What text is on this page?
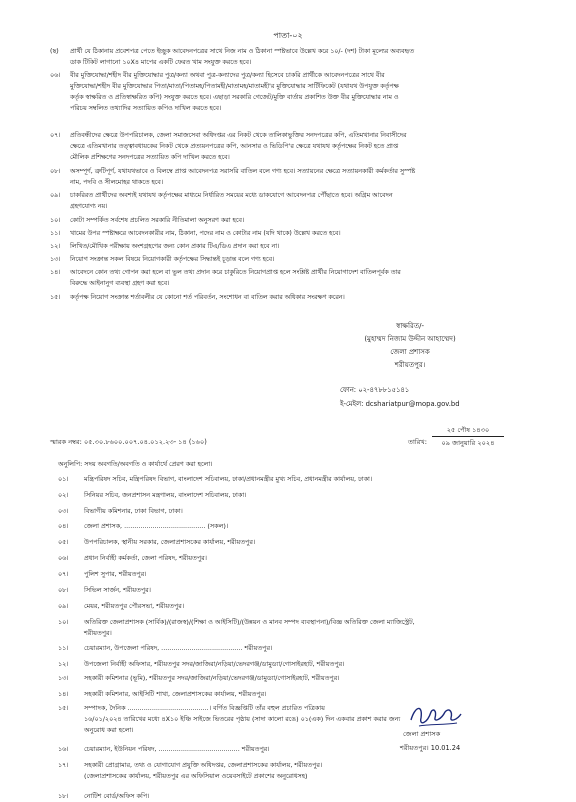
পাতা-০২
(ছ) প্রার্থী যে ঠিকানায় প্রবেশপত্র পেতে ইচ্ছুক আবেদনপত্রের সাথে নিজ নাম ও ঠিকানা স্পষ্টভাবে উল্লেখ করে ১০/- (দশ) টাকা মূল্যের অব্যবহৃত
ডাক টিকিট লাগানো ১০X৪ মাপের একটি ফেরত খাম সংযুক্ত করতে হবে।
০৬। বীর মুক্তিযোদ্ধা/শহীদ বীর মুক্তিযোদ্ধার পুত্র/কন্যা অথবা পুত্র-কন্যাদের পুত্র/কন্যা হিসেবে চাকরি প্রার্থীকে আবেদনপত্রের সাথে বীর
মুক্তিযোদ্ধা/শহীদ বীর মুক্তিযোদ্ধার পিতা/মাতা/পিতামহ/পিতামহী/মাতামহ/মাতামহী'র মুক্তিযোদ্ধার সার্টিফিকেট (যথাযথ উপযুক্ত কর্তৃপক্ষ
কর্তৃক স্বাক্ষরিত ও প্রতিস্বাক্ষরিত কপি) সংযুক্ত করতে হবে। এছাড়া সরকারি গেজেট/মুক্তি বার্তায় প্রকাশিত উক্ত বীর মুক্তিযোদ্ধার নাম ও
পরিচয় সম্বলিত তথ্যাদির সত্যায়িত কপিও দাখিল করতে হবে।
০৭। প্রতিবন্ধীদের ক্ষেত্রে উপপরিচালক, জেলা সমাজসেবা অধিদপ্তর এর নিকট থেকে তালিকাভুক্তির সনদপত্রের কপি, এতিমখানার নিবাসীদের
ক্ষেত্রে এতিমখানার তত্ত্বাবধায়কের নিকট থেকে প্রত্যয়নপত্রের কপি, আনসার ও ভিডিপি'র ক্ষেত্রে যথাযথ কর্তৃপক্ষের নিকট হতে প্রাপ্ত
মৌলিক প্রশিক্ষণের সনদপত্রের সত্যায়িত কপি দাখিল করতে হবে।
০৮। অসম্পূর্ণ, ত্রুটিপূর্ণ, যথাযথভাবে ও বিলম্বে প্রাপ্ত আবেদনপত্র সরাসরি বাতিল বলে গণ্য হবে। সত্যায়নের ক্ষেত্রে সত্যায়নকারী কর্মকর্তার সুস্পষ্ট
নাম, পদবি ও সীলমোহর থাকতে হবে।
০৯। চাকরিরত প্রার্থীদের অবশ্যই যথাযথ কর্তৃপক্ষের মাধ্যমে নির্ধারিত সময়ের মধ্যে ডাকযোগে আবেদনপত্র পৌঁছাতে হবে। অগ্রিম আবেদন
গ্রহণযোগ্য নয়।
১০। কোটা সম্পর্কিত সর্বশেষ প্রচলিত সরকারি নীতিমালা অনুসরণ করা হবে।
১১। খামের উপর স্পষ্টাক্ষরে আবেদনকারীর নাম, ঠিকানা, পদের নাম ও কোটার নাম (যদি থাকে) উল্লেখ করতে হবে।
১২। লিখিত/মৌখিক পরীক্ষায় অংশগ্রহণের জন্য কোন প্রকার টিএ/ডিএ প্রদান করা হবে না।
১৩। নিয়োগ সংক্রান্ত সকল বিষয়ে নিয়োগকারী কর্তৃপক্ষের সিদ্ধান্তই চূড়ান্ত বলে গণ্য হবে।
১৪। আবেদনে কোন তথ্য গোপন করা হলে বা ভুল তথ্য প্রদান করে চাকুরিতে নিয়োগপ্রাপ্ত হলে সংশ্লিষ্ট প্রার্থীর নিয়োগাদেশ বাতিলপূর্বক তার
বিরুদ্ধে আইনানুগ ব্যবস্থা গ্রহণ করা হবে।
১৫। কর্তৃপক্ষ নিয়োগ সংক্রান্ত শর্তাবলীর যে কোনো শর্ত পরিবর্তন, সংশোধন বা বাতিল করার অধিকার সংরক্ষণ করেন।
স্বাক্ষরিত/-
(মুহাম্মদ নিজাম উদ্দীন আহাম্মেদ)
জেলা প্রশাসক
শরীয়তপুর।
ফোন: ০২-৪৭৮৮১৫১৪১
ই-মেইল: dcshariatpur@mopa.gov.bd
স্মারক নম্বর: ০৫.৩০.৮৬০০.০০৭.০৪.০১২.২৩- ১৪ (১৬০)	তারিখ:
২৫ পৌষ ১৪৩০
০৯ জানুয়ারি ২০২৪
অনুলিপি: সদয় অবগতি/অবগতি ও কার্যার্থে প্রেরণ করা হলো।
০১। মন্ত্রিপরিষদ সচিব, মন্ত্রিপরিষদ বিভাগ, বাংলাদেশ সচিবালয়, ঢাকা/প্রধানমন্ত্রীর মুখ্য সচিব, প্রধানমন্ত্রীর কার্যালয়, ঢাকা।
০২। সিনিয়র সচিব, জনপ্রশাসন মন্ত্রণালয়, বাংলাদেশ সচিবালয়, ঢাকা।
০৩। বিভাগীয় কমিশনার, ঢাকা বিভাগ, ঢাকা।
০৪। জেলা প্রশাসক, ........................................ (সকল)।
০৫। উপপরিচালক, স্থানীয় সরকার, জেলাপ্রশাসকের কার্যালয়, শরীয়তপুর।
০৬। প্রধান নির্বাহী কর্মকর্তা, জেলা পরিষদ, শরীয়তপুর।
০৭। পুলিশ সুপার, শরীয়তপুর।
০৮। সিভিল সার্জন, শরীয়তপুর।
০৯। মেয়র, শরীয়তপুর পৌরসভা, শরীয়তপুর।
১০। অতিরিক্ত জেলাপ্রশাসক (সার্বিক)/(রাজস্ব)/(শিক্ষা ও আইসিটি)/(উন্নয়ন ও মানব সম্পদ ব্যবস্থাপনা)/বিজ্ঞ অতিরিক্ত জেলা ম্যাজিস্ট্রেট,
শরীয়তপুর।
১১। চেয়ারম্যান, উপজেলা পরিষদ, ........................................ শরীয়তপুর।
১২। উপজেলা নির্বাহী অফিসার, শরীয়তপুর সদর/জাজিরা/নড়িয়া/ভেদরগঞ্জ/ডামুড্যা/গোসাইরহাট, শরীয়তপুর।
১৩। সহকারী কমিশনার (ভূমি), শরীয়তপুর সদর/জাজিরা/নড়িয়া/ভেদরগঞ্জ/ডামুড্যা/গোসাইরহাট, শরীয়তপুর।
১৪। সহকারী কমিশনার, আইসিটি শাখা, জেলাপ্রশাসকের কার্যালয়, শরীয়তপুর।
১৫। সম্পাদক, দৈনিক ........................................। বর্ণিত বিজ্ঞপ্তিটি তাঁর বহুল প্রচারিত পত্রিকায়
১৬/০১/২০২৪ তারিখের মধ্যে ৪X১০ ইঞ্চি সাইজে ভিতরের পৃষ্ঠায় (সাদা কালো রঙে) ০১(এক) দিন একবার প্রকাশ করার জন্য
অনুরোধ করা হলো।
১৬। চেয়ারম্যান, ইউনিয়ন পরিষদ, ........................................ শরীয়তপুর।
১৭। সহকারী প্রোগ্রামার, তথ্য ও যোগাযোগ প্রযুক্তি অধিদপ্তর, জেলাপ্রশাসকের কার্যালয়, শরীয়তপুর।
(জেলাপ্রশাসকের কার্যালয়, শরীয়তপুর এর অফিসিয়াল ওয়েবসাইটে প্রকাশের অনুরোধসহ)
১৮। নোটিশ বোর্ড/অফিস কপি।
জেলা প্রশাসক
শরীয়তপুর। 10.01.24
